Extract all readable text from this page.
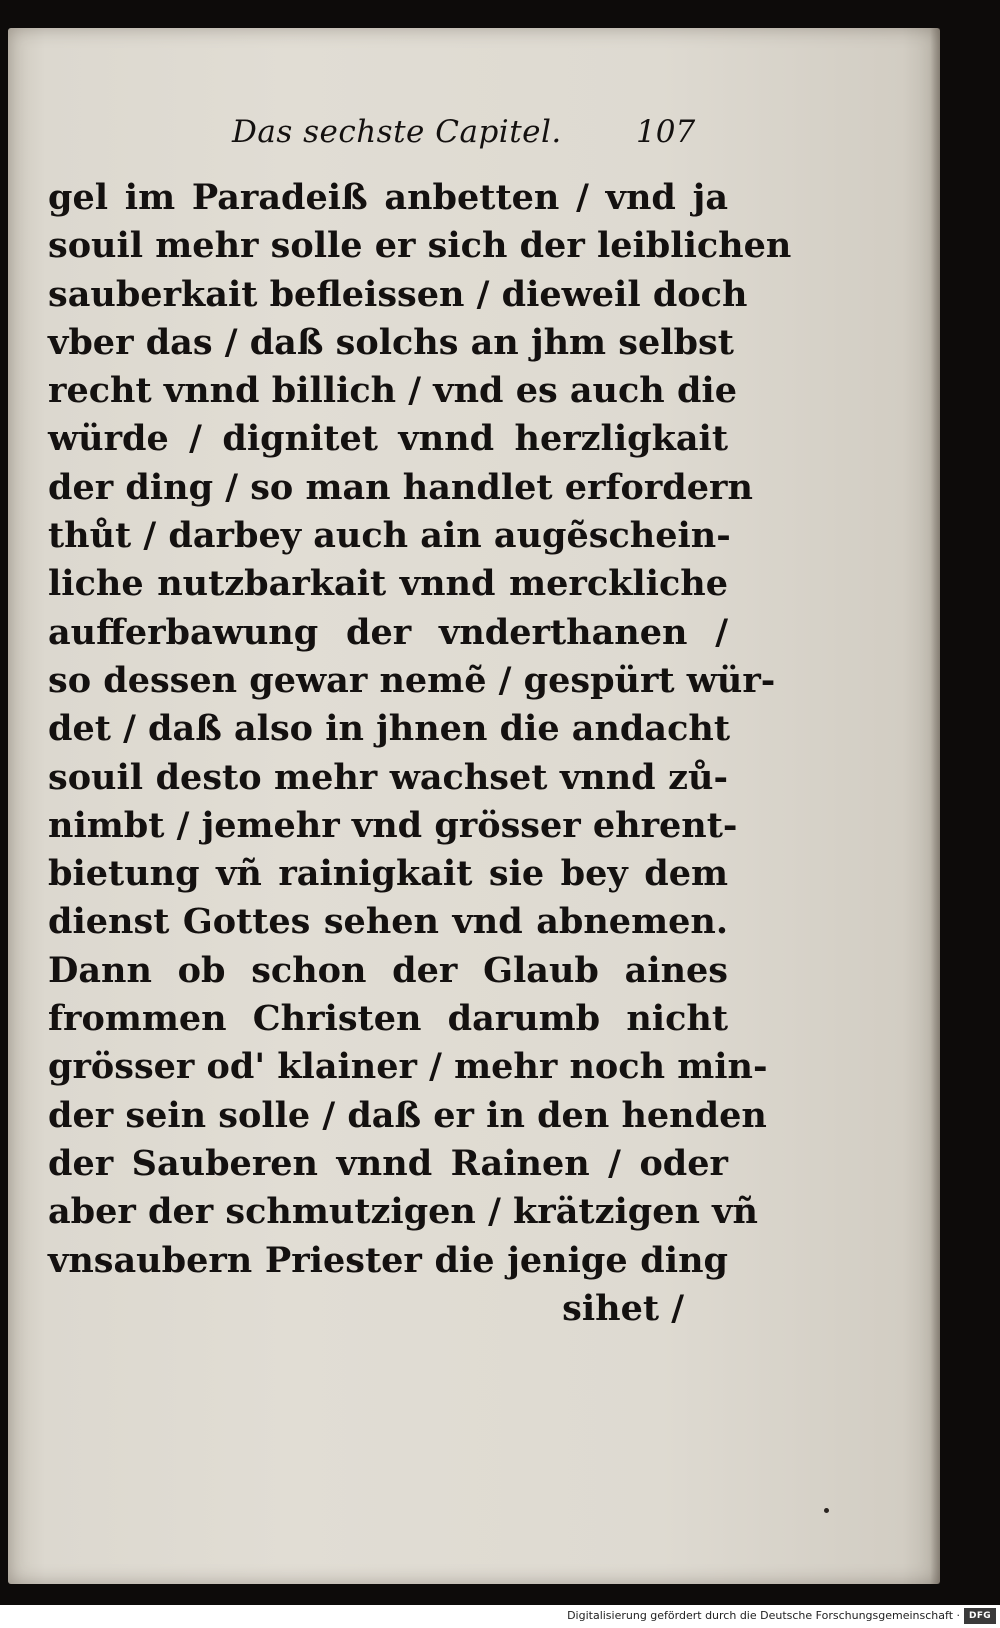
Das sechste Capitel. 107
gel im Paradeiß anbetten / vnd ja
souil mehr solle er sich der leiblichen
sauberkait befleissen / dieweil doch
vber das / daß solchs an jhm selbst
recht vnnd billich / vnd es auch die
würde / dignitet vnnd herzligkait
der ding / so man handlet erfordern
thůt / darbey auch ain augẽschein-
liche nutzbarkait vnnd merckliche
aufferbawung der vnderthanen /
so dessen gewar nemẽ / gespürt wür-
det / daß also in jhnen die andacht
souil desto mehr wachset vnnd zů-
nimbt / jemehr vnd grösser ehrent-
bietung vñ rainigkait sie bey dem
dienst Gottes sehen vnd abnemen.
Dann ob schon der Glaub aines
frommen Christen darumb nicht
grösser od' klainer / mehr noch min-
der sein solle / daß er in den henden
der Sauberen vnnd Rainen / oder
aber der schmutzigen / krätzigen vñ
vnsaubern Priester die jenige ding
sihet /
Digitalisierung gefördert durch die Deutsche Forschungsgemeinschaft ·	DFG
